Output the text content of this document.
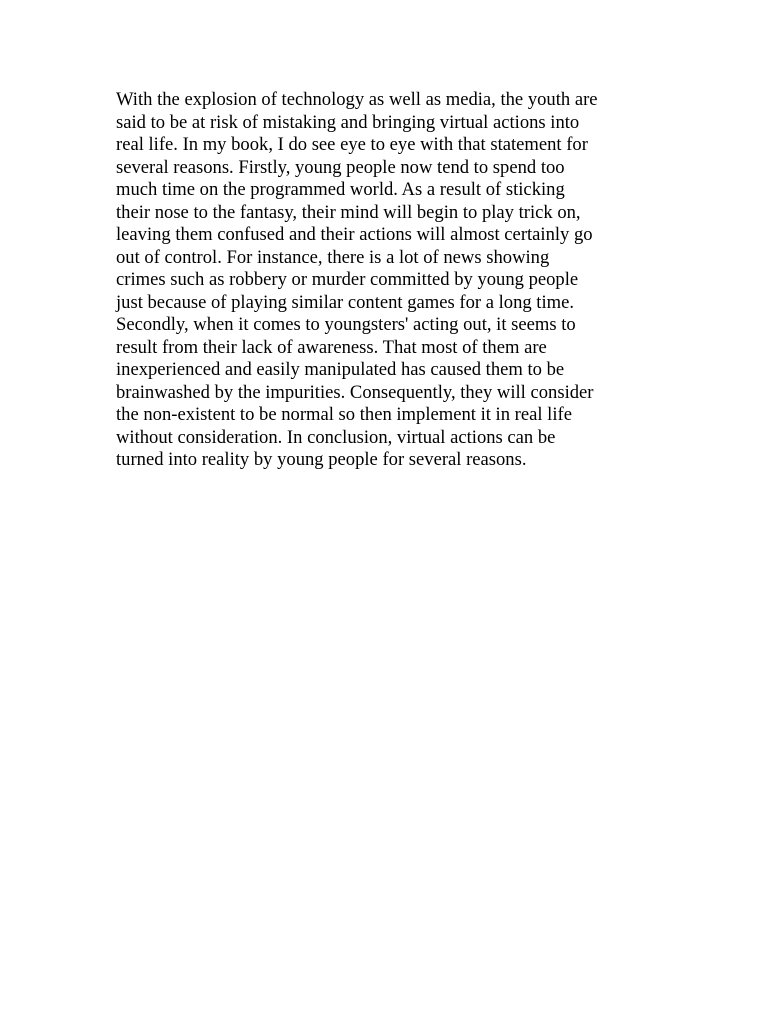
With the explosion of technology as well as media, the youth are
said to be at risk of mistaking and bringing virtual actions into
real life. In my book, I do see eye to eye with that statement for
several reasons. Firstly, young people now tend to spend too
much time on the programmed world. As a result of sticking
their nose to the fantasy, their mind will begin to play trick on,
leaving them confused and their actions will almost certainly go
out of control. For instance, there is a lot of news showing
crimes such as robbery or murder committed by young people
just because of playing similar content games for a long time.
Secondly, when it comes to youngsters' acting out, it seems to
result from their lack of awareness. That most of them are
inexperienced and easily manipulated has caused them to be
brainwashed by the impurities. Consequently, they will consider
the non-existent to be normal so then implement it in real life
without consideration. In conclusion, virtual actions can be
turned into reality by young people for several reasons.
